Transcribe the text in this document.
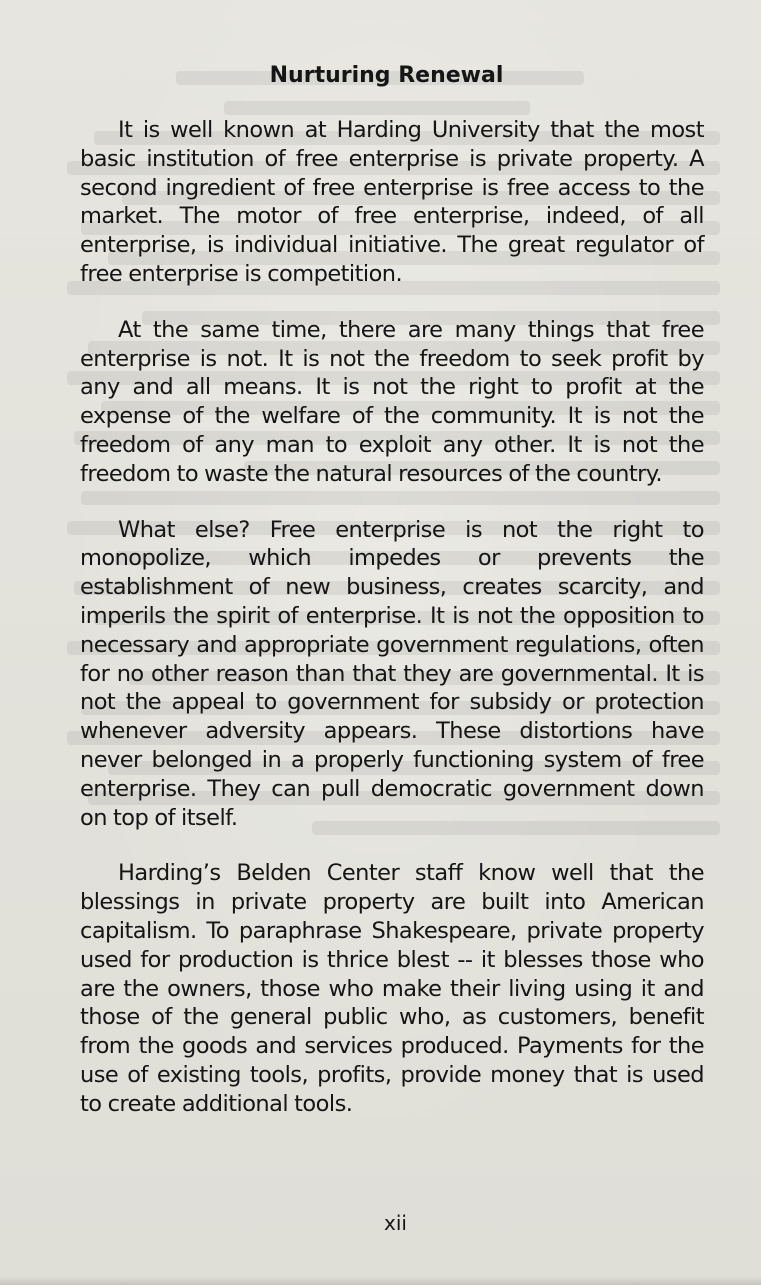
Nurturing Renewal

It is well known at Harding University that the most basic institution of free enterprise is private property. A second ingredient of free enterprise is free access to the market. The motor of free enterprise, indeed, of all enterprise, is individual initiative. The great regulator of free enterprise is competition.

At the same time, there are many things that free enterprise is not. It is not the freedom to seek profit by any and all means. It is not the right to profit at the expense of the welfare of the community. It is not the freedom of any man to exploit any other. It is not the freedom to waste the natural resources of the country.

What else? Free enterprise is not the right to monopolize, which impedes or prevents the establishment of new business, creates scarcity, and imperils the spirit of enterprise. It is not the opposition to necessary and appropriate government regulations, often for no other reason than that they are governmental. It is not the appeal to government for subsidy or protection whenever adversity appears. These distortions have never belonged in a properly functioning system of free enterprise. They can pull democratic government down on top of itself.

Harding’s Belden Center staff know well that the blessings in private property are built into American capitalism. To paraphrase Shakespeare, private property used for production is thrice blest -- it blesses those who are the owners, those who make their living using it and those of the general public who, as customers, benefit from the goods and services produced. Payments for the use of existing tools, profits, provide money that is used to create additional tools.

xii
